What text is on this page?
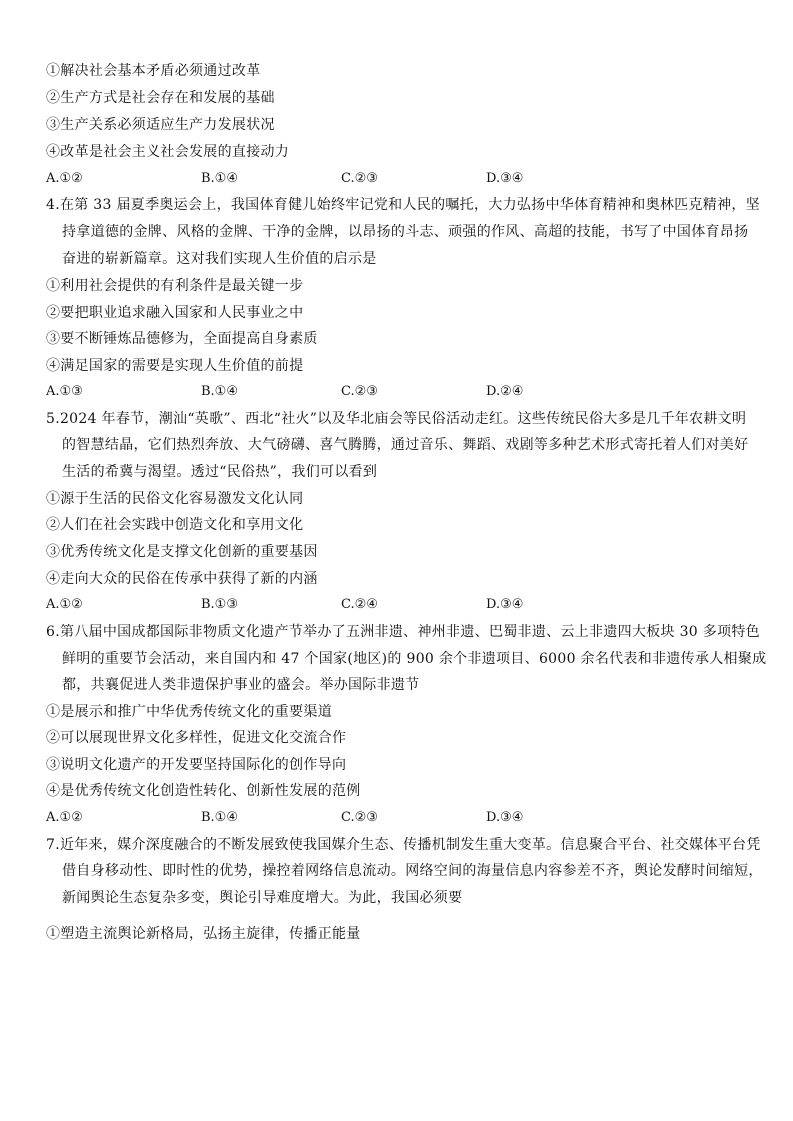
①解决社会基本矛盾必须通过改革
②生产方式是社会存在和发展的基础
③生产关系必须适应生产力发展状况
④改革是社会主义社会发展的直接动力
A.①②	B.①④	C.②③	D.③④
4.在第 33 届夏季奥运会上，我国体育健儿始终牢记党和人民的嘱托，大力弘扬中华体育精神和奥林匹克精神，坚
持拿道德的金牌、风格的金牌、干净的金牌，以昂扬的斗志、顽强的作风、高超的技能，书写了中国体育昂扬
奋进的崭新篇章。这对我们实现人生价值的启示是
①利用社会提供的有利条件是最关键一步
②要把职业追求融入国家和人民事业之中
③要不断锤炼品德修为，全面提高自身素质
④满足国家的需要是实现人生价值的前提
A.①③	B.①④	C.②③	D.②④
5.2024 年春节，潮汕“英歌”、西北“社火”以及华北庙会等民俗活动走红。这些传统民俗大多是几千年农耕文明
的智慧结晶，它们热烈奔放、大气磅礴、喜气腾腾，通过音乐、舞蹈、戏剧等多种艺术形式寄托着人们对美好
生活的希冀与渴望。透过“民俗热”，我们可以看到
①源于生活的民俗文化容易激发文化认同
②人们在社会实践中创造文化和享用文化
③优秀传统文化是支撑文化创新的重要基因
④走向大众的民俗在传承中获得了新的内涵
A.①②	B.①③	C.②④	D.③④
6.第八届中国成都国际非物质文化遗产节举办了五洲非遗、神州非遗、巴蜀非遗、云上非遗四大板块 30 多项特色
鲜明的重要节会活动，来自国内和 47 个国家(地区)的 900 余个非遗项目、6000 余名代表和非遗传承人相聚成
都，共襄促进人类非遗保护事业的盛会。举办国际非遗节
①是展示和推广中华优秀传统文化的重要渠道
②可以展现世界文化多样性，促进文化交流合作
③说明文化遗产的开发要坚持国际化的创作导向
④是优秀传统文化创造性转化、创新性发展的范例
A.①②	B.①④	C.②③	D.③④
7.近年来，媒介深度融合的不断发展致使我国媒介生态、传播机制发生重大变革。信息聚合平台、社交媒体平台凭
借自身移动性、即时性的优势，操控着网络信息流动。网络空间的海量信息内容参差不齐，舆论发酵时间缩短，
新闻舆论生态复杂多变，舆论引导难度增大。为此，我国必须要
①塑造主流舆论新格局，弘扬主旋律，传播正能量
